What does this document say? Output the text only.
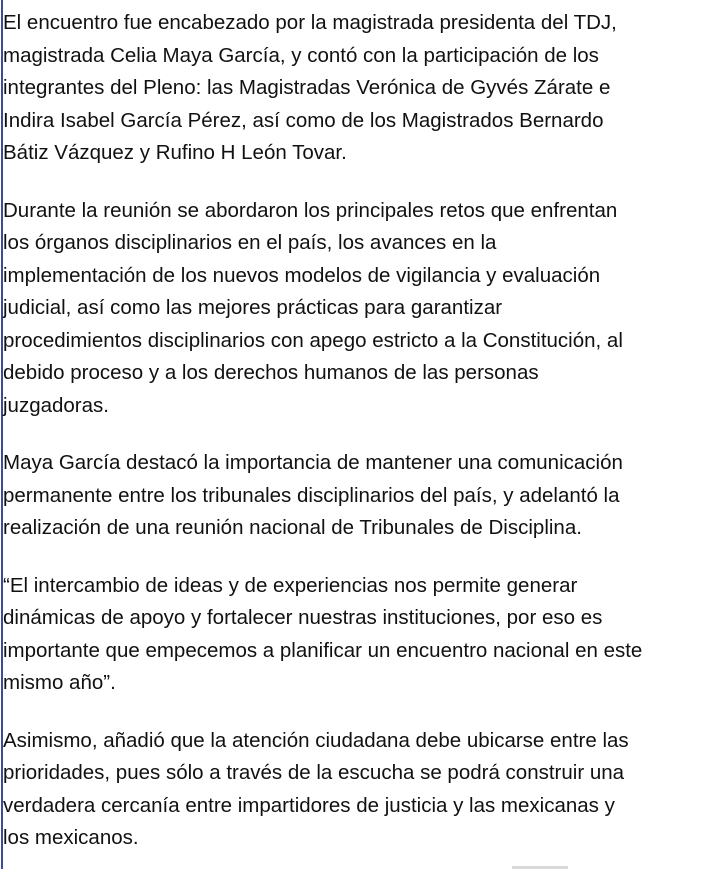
El encuentro fue encabezado por la magistrada presidenta del TDJ,
magistrada Celia Maya García, y contó con la participación de los
integrantes del Pleno: las Magistradas Verónica de Gyvés Zárate e
Indira Isabel García Pérez, así como de los Magistrados Bernardo
Bátiz Vázquez y Rufino H León Tovar.

Durante la reunión se abordaron los principales retos que enfrentan
los órganos disciplinarios en el país, los avances en la
implementación de los nuevos modelos de vigilancia y evaluación
judicial, así como las mejores prácticas para garantizar
procedimientos disciplinarios con apego estricto a la Constitución, al
debido proceso y a los derechos humanos de las personas
juzgadoras.

Maya García destacó la importancia de mantener una comunicación
permanente entre los tribunales disciplinarios del país, y adelantó la
realización de una reunión nacional de Tribunales de Disciplina.

“El intercambio de ideas y de experiencias nos permite generar
dinámicas de apoyo y fortalecer nuestras instituciones, por eso es
importante que empecemos a planificar un encuentro nacional en este
mismo año”.

Asimismo, añadió que la atención ciudadana debe ubicarse entre las
prioridades, pues sólo a través de la escucha se podrá construir una
verdadera cercanía entre impartidores de justicia y las mexicanas y
los mexicanos.
